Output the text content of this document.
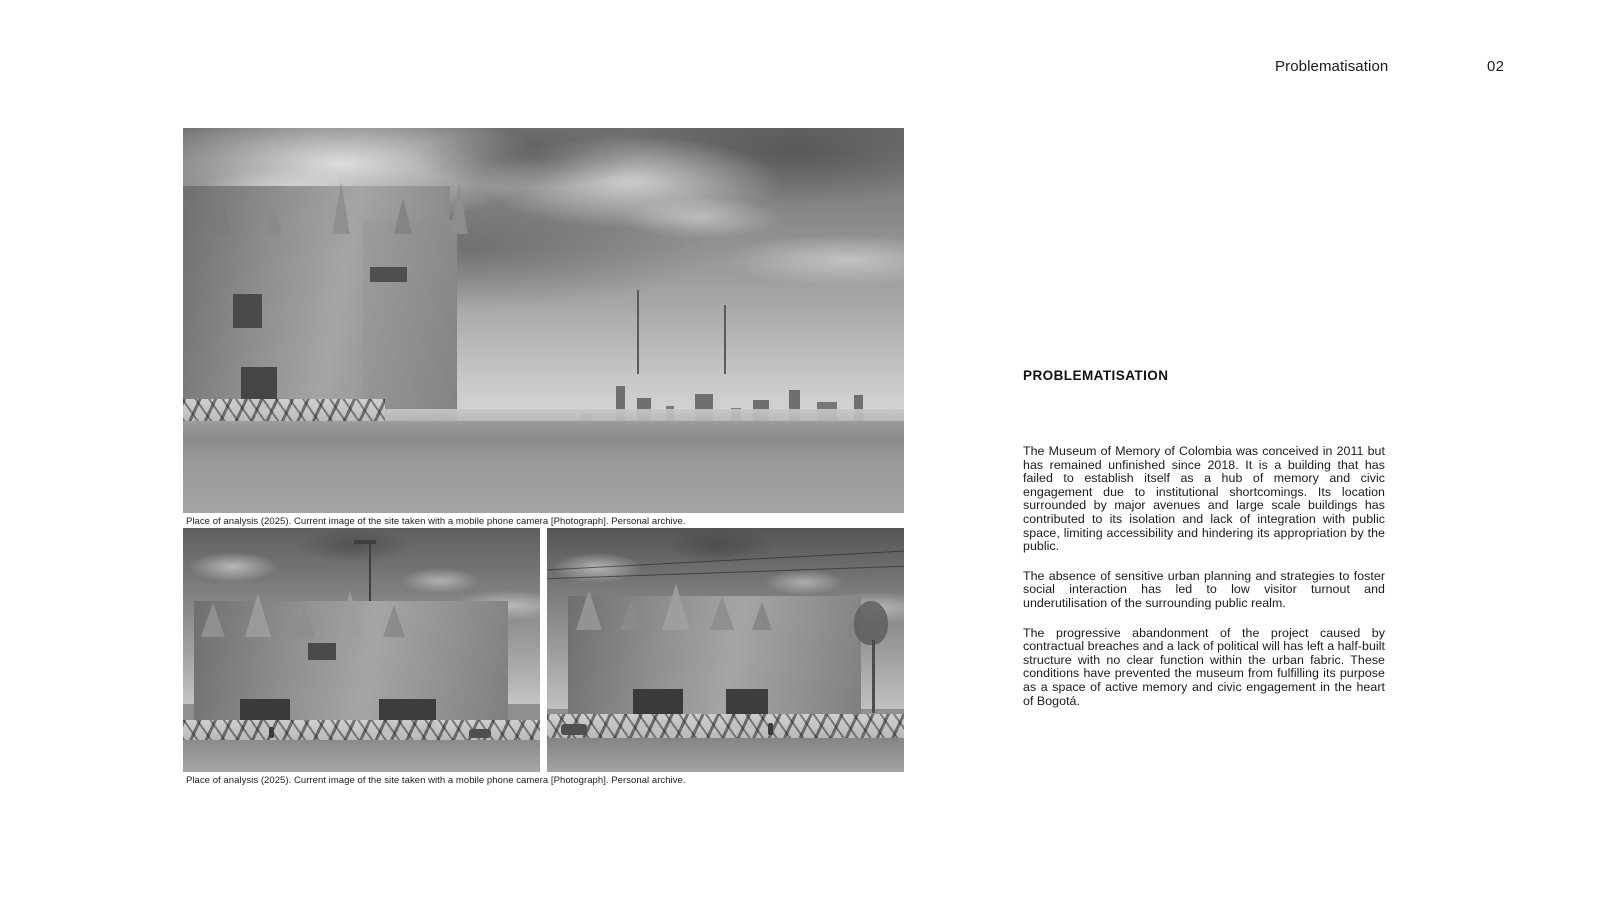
Problematisation	02
Place of analysis (2025). Current image of the site taken with a mobile phone camera [Photograph]. Personal archive.
Place of analysis (2025). Current image of the site taken with a mobile phone camera [Photograph]. Personal archive.
PROBLEMATISATION

The Museum of Memory of Colombia was conceived in 2011 but has remained unfinished since 2018. It is a building that has failed to establish itself as a hub of memory and civic engagement due to institutional shortcomings. Its location surrounded by major avenues and large scale buildings has contributed to its isolation and lack of integration with public space, limiting accessibility and hindering its appropriation by the public.

The absence of sensitive urban planning and strategies to foster social interaction has led to low visitor turnout and underutilisation of the surrounding public realm.

The progressive abandonment of the project caused by contractual breaches and a lack of political will has left a half-built structure with no clear function within the urban fabric. These conditions have prevented the museum from fulfilling its purpose as a space of active memory and civic engagement in the heart of Bogotá.
